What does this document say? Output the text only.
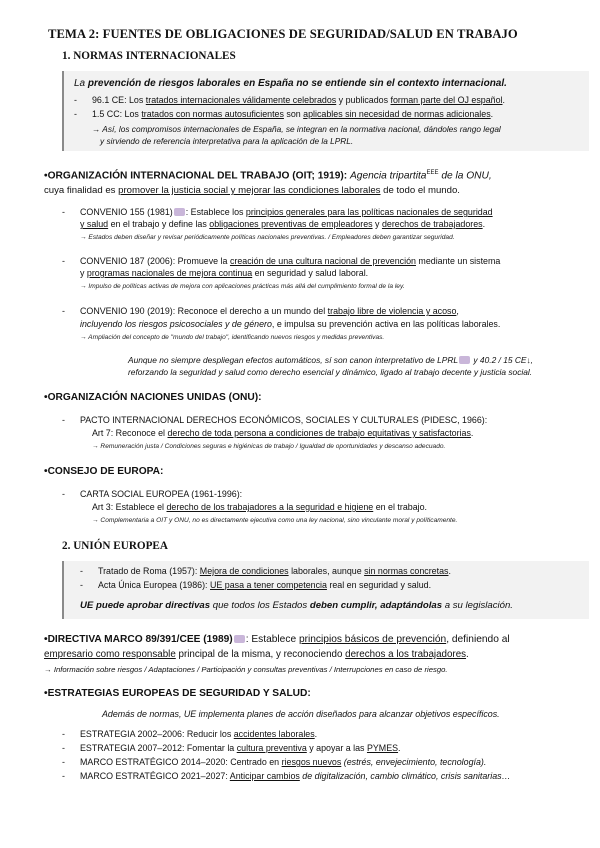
TEMA 2: FUENTES DE OBLIGACIONES DE SEGURIDAD/SALUD EN TRABAJO
1. NORMAS INTERNACIONALES
La prevención de riesgos laborales en España no se entiende sin el contexto internacional.
- 96.1 CE: Los tratados internacionales válidamente celebrados y publicados forman parte del OJ español.
- 1.5 CC: Los tratados con normas autosuficientes son aplicables sin necesidad de normas adicionales.
→ Así, los compromisos internacionales de España, se integran en la normativa nacional, dándoles rango legal
y sirviendo de referencia interpretativa para la aplicación de la LPRL.
•ORGANIZACIÓN INTERNACIONAL DEL TRABAJO (OIT; 1919): Agencia tripartita$^{EEE}$ de la ONU,
cuya finalidad es promover la justicia social y mejorar las condiciones laborales de todo el mundo.
- CONVENIO 155 (1981) : Establece los principios generales para las políticas nacionales de seguridad
y salud en el trabajo y define las obligaciones preventivas de empleadores y derechos de trabajadores.
→ Estados deben diseñar y revisar periódicamente políticas nacionales preventivas. / Empleadores deben garantizar seguridad.
- CONVENIO 187 (2006): Promueve la creación de una cultura nacional de prevención mediante un sistema
y programas nacionales de mejora continua en seguridad y salud laboral.
→ Impulso de políticas activas de mejora con aplicaciones prácticas más allá del cumplimiento formal de la ley.
- CONVENIO 190 (2019): Reconoce el derecho a un mundo del trabajo libre de violencia y acoso,
incluyendo los riesgos psicosociales y de género, e impulsa su prevención activa en las políticas laborales.
→ Ampliación del concepto de "mundo del trabajo", identificando nuevos riesgos y medidas preventivas.
Aunque no siempre despliegan efectos automáticos, sí son canon interpretativo de LPRL y 40.2 / 15 CE↓,
reforzando la seguridad y salud como derecho esencial y dinámico, ligado al trabajo decente y justicia social.
•ORGANIZACIÓN NACIONES UNIDAS (ONU):
- PACTO INTERNACIONAL DERECHOS ECONÓMICOS, SOCIALES Y CULTURALES (PIDESC, 1966):
Art 7: Reconoce el derecho de toda persona a condiciones de trabajo equitativas y satisfactorias.
→ Remuneración justa / Condiciones seguras e higiénicas de trabajo / Igualdad de oportunidades y descanso adecuado.
•CONSEJO DE EUROPA:
- CARTA SOCIAL EUROPEA (1961-1996):
Art 3: Establece el derecho de los trabajadores a la seguridad e higiene en el trabajo.
→ Complementaria a OIT y ONU, no es directamente ejecutiva como una ley nacional, sino vinculante moral y políticamente.
2. UNIÓN EUROPEA
- Tratado de Roma (1957): Mejora de condiciones laborales, aunque sin normas concretas.
- Acta Única Europea (1986): UE pasa a tener competencia real en seguridad y salud.
UE puede aprobar directivas que todos los Estados deben cumplir, adaptándolas a su legislación.
•DIRECTIVA MARCO 89/391/CEE (1989) : Establece principios básicos de prevención, definiendo al
empresario como responsable principal de la misma, y reconociendo derechos a los trabajadores.
→ Información sobre riesgos / Adaptaciones / Participación y consultas preventivas / Interrupciones en caso de riesgo.
•ESTRATEGIAS EUROPEAS DE SEGURIDAD Y SALUD:
Además de normas, UE implementa planes de acción diseñados para alcanzar objetivos específicos.
- ESTRATEGIA 2002–2006: Reducir los accidentes laborales.
- ESTRATEGIA 2007–2012: Fomentar la cultura preventiva y apoyar a las PYMES.
- MARCO ESTRATÉGICO 2014–2020: Centrado en riesgos nuevos (estrés, envejecimiento, tecnología).
- MARCO ESTRATÉGICO 2021–2027: Anticipar cambios de digitalización, cambio climático, crisis sanitarias…
